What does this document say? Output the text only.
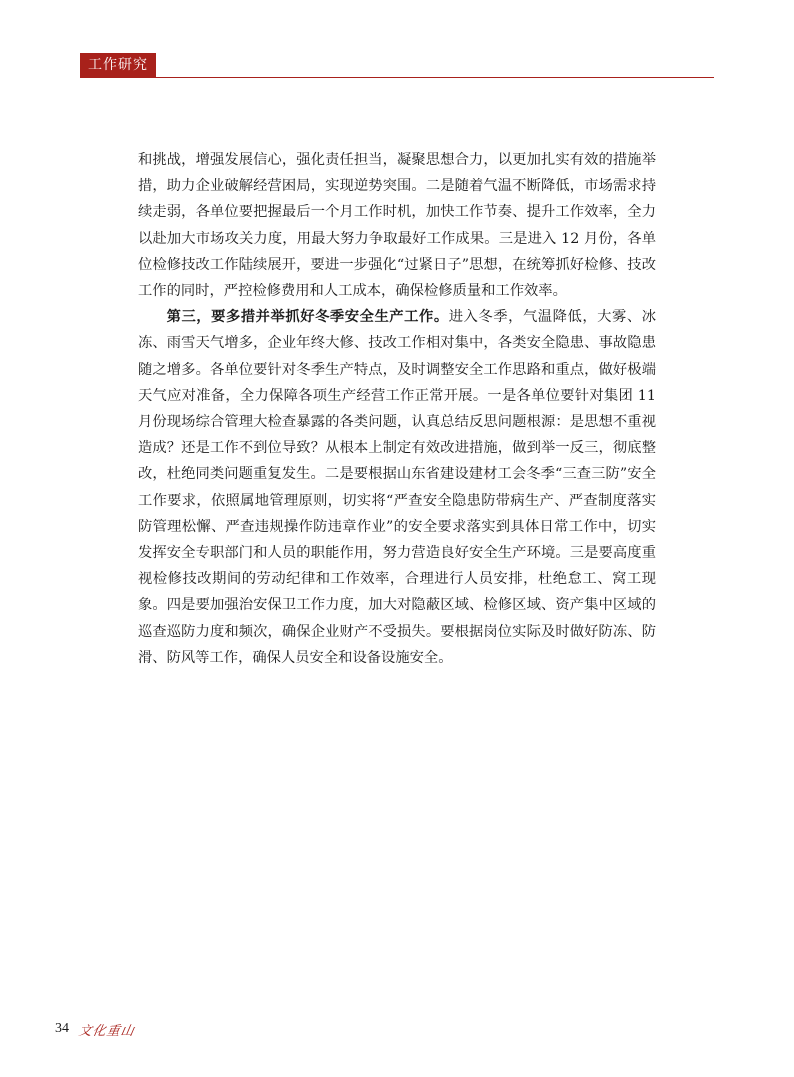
工作研究

和挑战，增强发展信心，强化责任担当，凝聚思想合力，以更加扎实有效的措施举措，助力企业破解经营困局，实现逆势突围。二是随着气温不断降低，市场需求持续走弱，各单位要把握最后一个月工作时机，加快工作节奏、提升工作效率，全力以赴加大市场攻关力度，用最大努力争取最好工作成果。三是进入 12 月份，各单位检修技改工作陆续展开，要进一步强化“过紧日子”思想，在统筹抓好检修、技改工作的同时，严控检修费用和人工成本，确保检修质量和工作效率。

第三，要多措并举抓好冬季安全生产工作。进入冬季，气温降低，大雾、冰冻、雨雪天气增多，企业年终大修、技改工作相对集中，各类安全隐患、事故隐患随之增多。各单位要针对冬季生产特点，及时调整安全工作思路和重点，做好极端天气应对准备，全力保障各项生产经营工作正常开展。一是各单位要针对集团 11 月份现场综合管理大检查暴露的各类问题，认真总结反思问题根源：是思想不重视造成？还是工作不到位导致？从根本上制定有效改进措施，做到举一反三，彻底整改，杜绝同类问题重复发生。二是要根据山东省建设建材工会冬季“三查三防”安全工作要求，依照属地管理原则，切实将“严查安全隐患防带病生产、严查制度落实防管理松懈、严查违规操作防违章作业”的安全要求落实到具体日常工作中，切实发挥安全专职部门和人员的职能作用，努力营造良好安全生产环境。三是要高度重视检修技改期间的劳动纪律和工作效率，合理进行人员安排，杜绝怠工、窝工现象。四是要加强治安保卫工作力度，加大对隐蔽区域、检修区域、资产集中区域的巡查巡防力度和频次，确保企业财产不受损失。要根据岗位实际及时做好防冻、防滑、防风等工作，确保人员安全和设备设施安全。

34 文化重山
